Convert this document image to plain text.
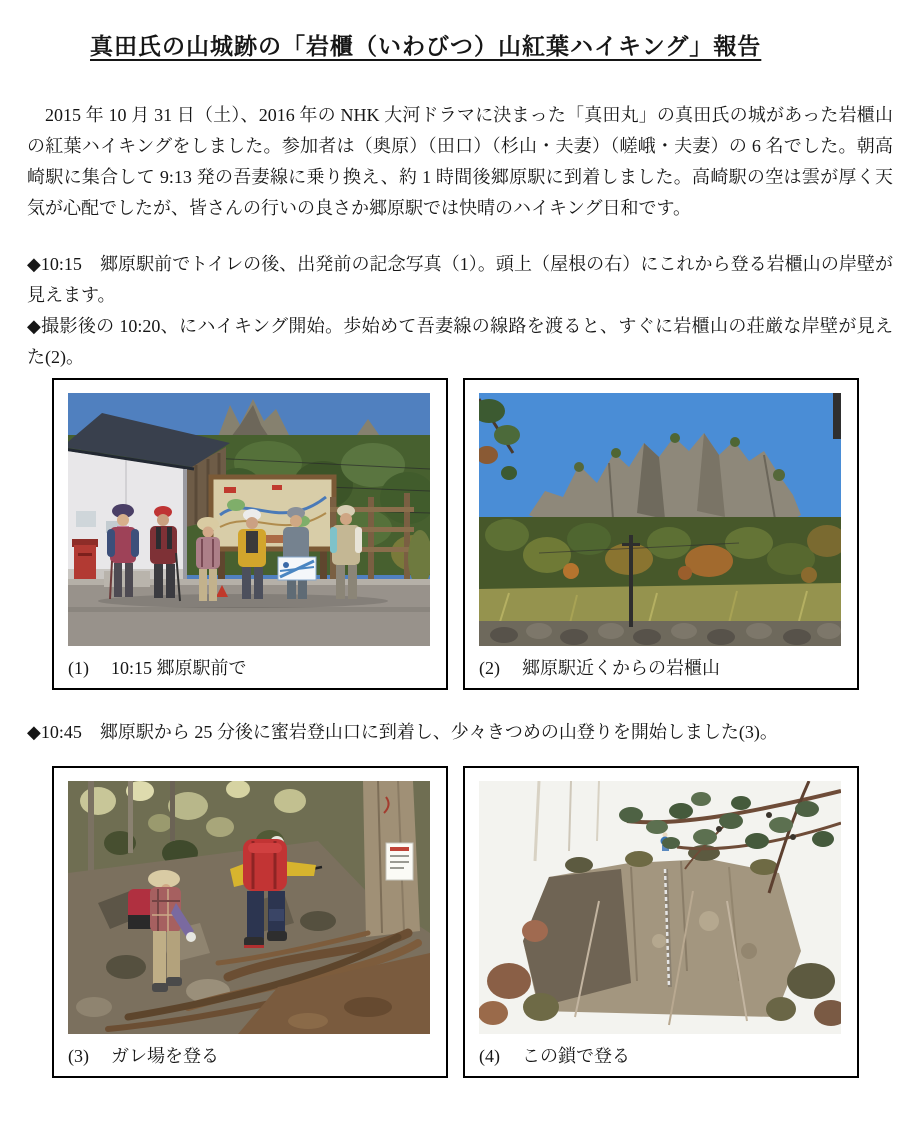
真田氏の山城跡の「岩櫃（いわびつ）山紅葉ハイキング」報告

2015 年 10 月 31 日（土）、2016 年の NHK 大河ドラマに決まった「真田丸」の真田氏の城があった岩櫃山の紅葉ハイキングをしました。参加者は（奥原）（田口）（杉山・夫妻）（嵯峨・夫妻）の 6 名でした。朝高崎駅に集合して 9:13 発の吾妻線に乗り換え、約 1 時間後郷原駅に到着しました。高崎駅の空は雲が厚く天気が心配でしたが、皆さんの行いの良さか郷原駅では快晴のハイキング日和です。

◆10:15　郷原駅前でトイレの後、出発前の記念写真（1）。頭上（屋根の右）にこれから登る岩櫃山の岸壁が見えます。

◆撮影後の 10:20、にハイキング開始。歩始めて吾妻線の線路を渡ると、すぐに岩櫃山の荘厳な岸壁が見えた(2)。

(1) 10:15 郷原駅前で	(2) 郷原駅近くからの岩櫃山

◆10:45　郷原駅から 25 分後に蜜岩登山口に到着し、少々きつめの山登りを開始しました(3)。

(3) ガレ場を登る	(4) この鎖で登る
